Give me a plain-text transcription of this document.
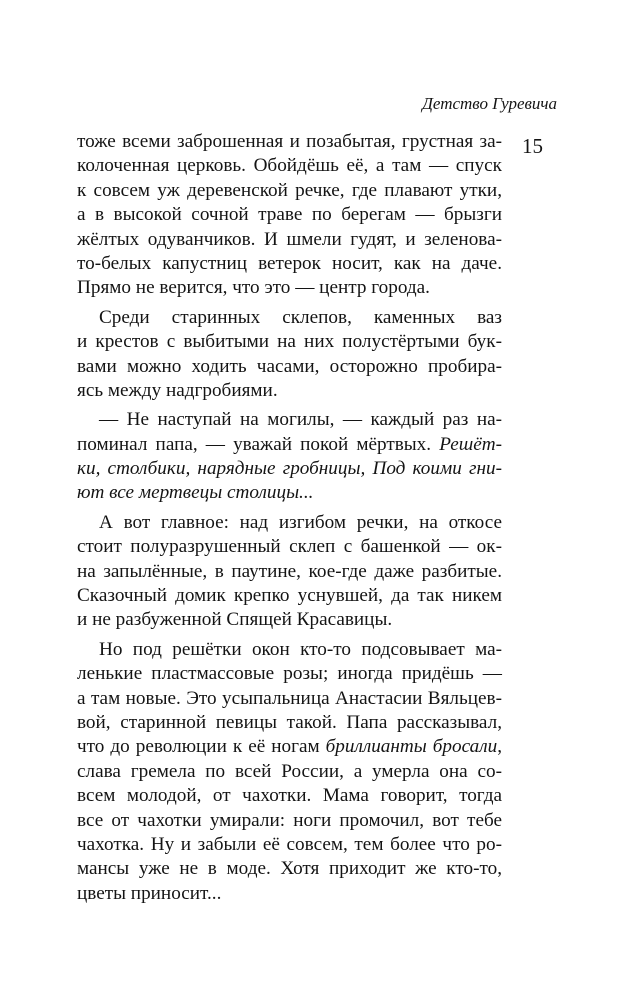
Детство Гуревича
15
тоже всеми заброшенная и позабытая, грустная за-
колоченная церковь. Обойдёшь её, а там — спуск
к совсем уж деревенской речке, где плавают утки,
а в высокой сочной траве по берегам — брызги
жёлтых одуванчиков. И шмели гудят, и зеленова-
то-белых капустниц ветерок носит, как на даче.
Прямо не верится, что это — центр города.
Среди старинных склепов, каменных ваз
и крестов с выбитыми на них полустёртыми бук-
вами можно ходить часами, осторожно пробира-
ясь между надгробиями.
— Не наступай на могилы, — каждый раз на-
поминал папа, — уважай покой мёртвых. Решёт-
ки, столбики, нарядные гробницы, Под коими гни-
ют все мертвецы столицы...
А вот главное: над изгибом речки, на откосе
стоит полуразрушенный склеп с башенкой — ок-
на запылённые, в паутине, кое-где даже разбитые.
Сказочный домик крепко уснувшей, да так никем
и не разбуженной Спящей Красавицы.
Но под решётки окон кто-то подсовывает ма-
ленькие пластмассовые розы; иногда придёшь —
а там новые. Это усыпальница Анастасии Вяльцев-
вой, старинной певицы такой. Папа рассказывал,
что до революции к её ногам бриллианты бросали,
слава гремела по всей России, а умерла она со-
всем молодой, от чахотки. Мама говорит, тогда
все от чахотки умирали: ноги промочил, вот тебе
чахотка. Ну и забыли её совсем, тем более что ро-
мансы уже не в моде. Хотя приходит же кто-то,
цветы приносит...
